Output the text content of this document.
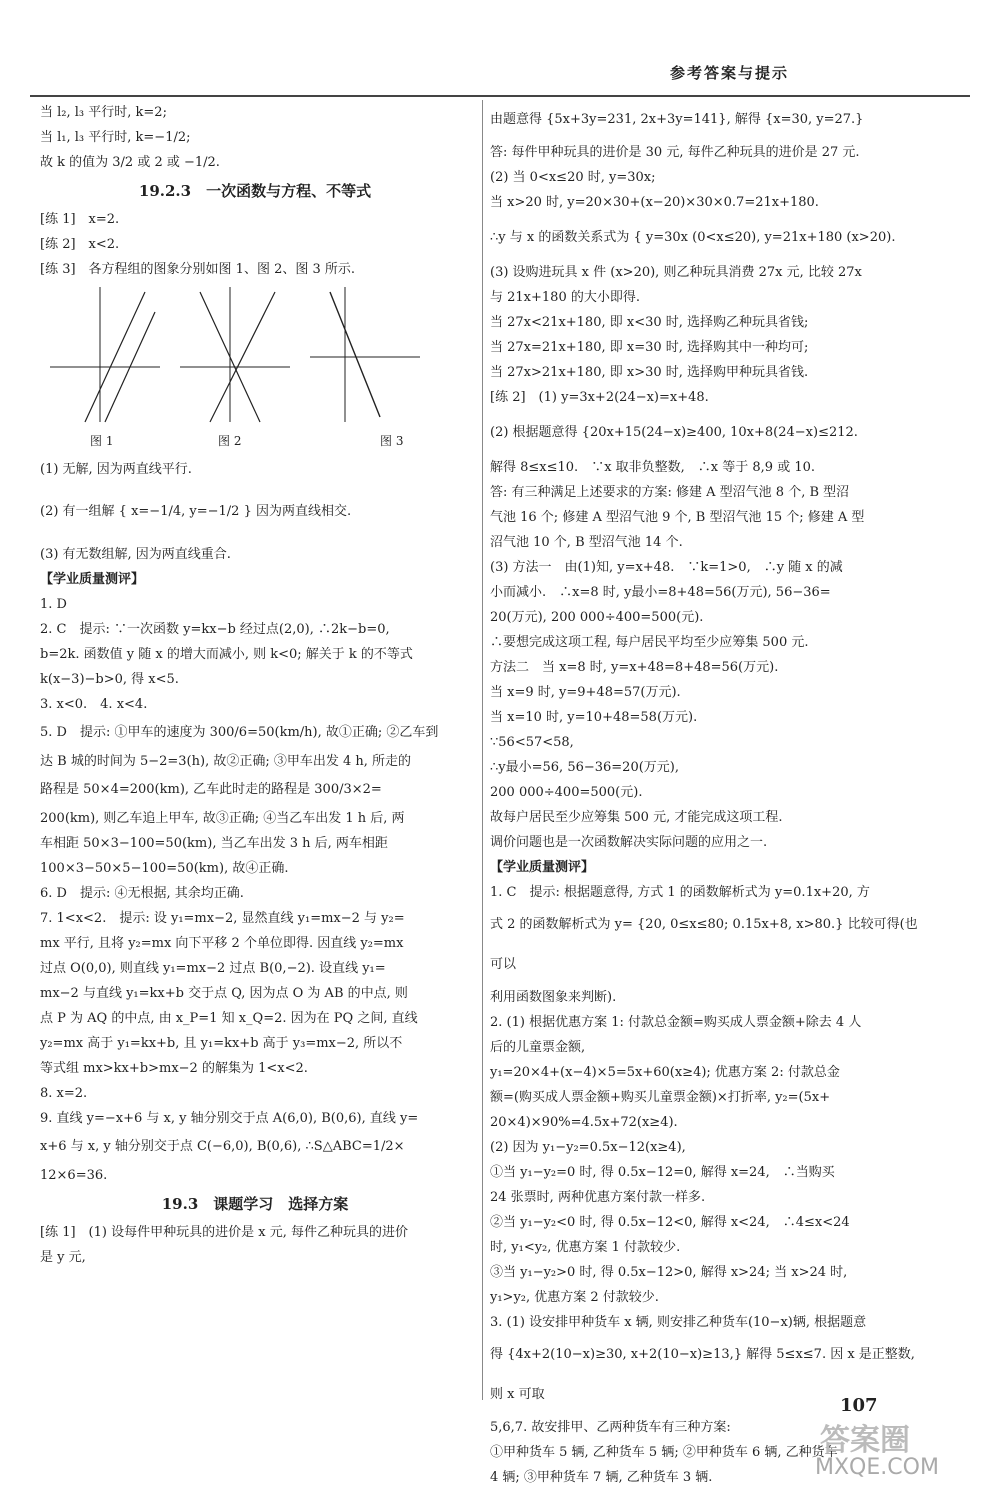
参考答案与提示
当 l₂, l₃ 平行时, k=2;
当 l₁, l₃ 平行时, k=−1/2;
故 k 的值为 3/2 或 2 或 −1/2.
19.2.3　一次函数与方程、不等式
[练 1]　x=2.
[练 2]　x<2.
[练 3]　各方程组的图象分别如图 1、图 2、图 3 所示.
图 1	图 2	图 3
(1) 无解, 因为两直线平行.
(2) 有一组解 { x=−1/4, y=−1/2 } 因为两直线相交.
(3) 有无数组解, 因为两直线重合.
【学业质量测评】
1. D
2. C　提示: ∵一次函数 y=kx−b 经过点(2,0), ∴2k−b=0,
b=2k. 函数值 y 随 x 的增大而减小, 则 k<0; 解关于 k 的不等式
k(x−3)−b>0, 得 x<5.
3. x<0.　4. x<4.
5. D　提示: ①甲车的速度为 300/6=50(km/h), 故①正确; ②乙车到
达 B 城的时间为 5−2=3(h), 故②正确; ③甲车出发 4 h, 所走的
路程是 50×4=200(km), 乙车此时走的路程是 300/3×2=
200(km), 则乙车追上甲车, 故③正确; ④当乙车出发 1 h 后, 两
车相距 50×3−100=50(km), 当乙车出发 3 h 后, 两车相距
100×3−50×5−100=50(km), 故④正确.
6. D　提示: ④无根据, 其余均正确.
7. 1<x<2.　提示: 设 y₁=mx−2, 显然直线 y₁=mx−2 与 y₂=
mx 平行, 且将 y₂=mx 向下平移 2 个单位即得. 因直线 y₂=mx
过点 O(0,0), 则直线 y₁=mx−2 过点 B(0,−2). 设直线 y₁=
mx−2 与直线 y₁=kx+b 交于点 Q, 因为点 O 为 AB 的中点, 则
点 P 为 AQ 的中点, 由 x_P=1 知 x_Q=2. 因为在 PQ 之间, 直线
y₂=mx 高于 y₁=kx+b, 且 y₁=kx+b 高于 y₃=mx−2, 所以不
等式组 mx>kx+b>mx−2 的解集为 1<x<2.
8. x=2.
9. 直线 y=−x+6 与 x, y 轴分别交于点 A(6,0), B(0,6), 直线 y=
x+6 与 x, y 轴分别交于点 C(−6,0), B(0,6), ∴S△ABC=1/2×
12×6=36.
19.3　课题学习　选择方案
[练 1]　(1) 设每件甲种玩具的进价是 x 元, 每件乙种玩具的进价
是 y 元,
由题意得 {5x+3y=231, 2x+3y=141}, 解得 {x=30, y=27.}
答: 每件甲种玩具的进价是 30 元, 每件乙种玩具的进价是 27 元.
(2) 当 0<x≤20 时, y=30x;
当 x>20 时, y=20×30+(x−20)×30×0.7=21x+180.
∴y 与 x 的函数关系式为 { y=30x (0<x≤20), y=21x+180 (x>20).
(3) 设购进玩具 x 件 (x>20), 则乙种玩具消费 27x 元, 比较 27x
与 21x+180 的大小即得.
当 27x<21x+180, 即 x<30 时, 选择购乙种玩具省钱;
当 27x=21x+180, 即 x=30 时, 选择购其中一种均可;
当 27x>21x+180, 即 x>30 时, 选择购甲种玩具省钱.
[练 2]　(1) y=3x+2(24−x)=x+48.
(2) 根据题意得 {20x+15(24−x)≥400, 10x+8(24−x)≤212.
解得 8≤x≤10.　∵x 取非负整数,　∴x 等于 8,9 或 10.
答: 有三种满足上述要求的方案: 修建 A 型沼气池 8 个, B 型沼
气池 16 个; 修建 A 型沼气池 9 个, B 型沼气池 15 个; 修建 A 型
沼气池 10 个, B 型沼气池 14 个.
(3) 方法一　由(1)知, y=x+48.　∵k=1>0,　∴y 随 x 的减
小而减小.　∴x=8 时, y最小=8+48=56(万元), 56−36=
20(万元), 200 000÷400=500(元).
∴要想完成这项工程, 每户居民平均至少应筹集 500 元.
方法二　当 x=8 时, y=x+48=8+48=56(万元).
当 x=9 时, y=9+48=57(万元).
当 x=10 时, y=10+48=58(万元).
∵56<57<58,
∴y最小=56, 56−36=20(万元),
200 000÷400=500(元).
故每户居民至少应筹集 500 元, 才能完成这项工程.
调价问题也是一次函数解决实际问题的应用之一.
【学业质量测评】
1. C　提示: 根据题意得, 方式 1 的函数解析式为 y=0.1x+20, 方
式 2 的函数解析式为 y= {20, 0≤x≤80; 0.15x+8, x>80.} 比较可得(也可以
利用函数图象来判断).
2. (1) 根据优惠方案 1: 付款总金额=购买成人票金额+除去 4 人
后的儿童票金额,
y₁=20×4+(x−4)×5=5x+60(x≥4); 优惠方案 2: 付款总金
额=(购买成人票金额+购买儿童票金额)×打折率, y₂=(5x+
20×4)×90%=4.5x+72(x≥4).
(2) 因为 y₁−y₂=0.5x−12(x≥4),
①当 y₁−y₂=0 时, 得 0.5x−12=0, 解得 x=24,　∴当购买
24 张票时, 两种优惠方案付款一样多.
②当 y₁−y₂<0 时, 得 0.5x−12<0, 解得 x<24,　∴4≤x<24
时, y₁<y₂, 优惠方案 1 付款较少.
③当 y₁−y₂>0 时, 得 0.5x−12>0, 解得 x>24; 当 x>24 时,
y₁>y₂, 优惠方案 2 付款较少.
3. (1) 设安排甲种货车 x 辆, 则安排乙种货车(10−x)辆, 根据题意
得 {4x+2(10−x)≥30, x+2(10−x)≥13,} 解得 5≤x≤7. 因 x 是正整数, 则 x 可取
5,6,7. 故安排甲、乙两种货车有三种方案:
①甲种货车 5 辆, 乙种货车 5 辆; ②甲种货车 6 辆, 乙种货车
4 辆; ③甲种货车 7 辆, 乙种货车 3 辆.
107
答案圈
MXQE.COM
